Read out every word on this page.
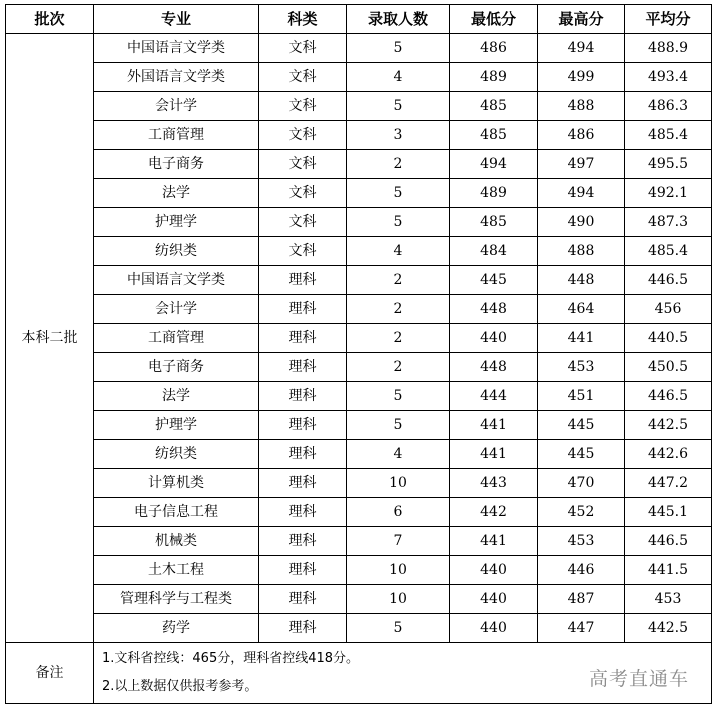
批次	专业	科类	录取人数	最低分	最高分	平均分
本科二批	中国语言文学类	文科	5	486	494	488.9
	外国语言文学类	文科	4	489	499	493.4
	会计学	文科	5	485	488	486.3
	工商管理	文科	3	485	486	485.4
	电子商务	文科	2	494	497	495.5
	法学	文科	5	489	494	492.1
	护理学	文科	5	485	490	487.3
	纺织类	文科	4	484	488	485.4
	中国语言文学类	理科	2	445	448	446.5
	会计学	理科	2	448	464	456
	工商管理	理科	2	440	441	440.5
	电子商务	理科	2	448	453	450.5
	法学	理科	5	444	451	446.5
	护理学	理科	5	441	445	442.5
	纺织类	理科	4	441	445	442.6
	计算机类	理科	10	443	470	447.2
	电子信息工程	理科	6	442	452	445.1
	机械类	理科	7	441	453	446.5
	土木工程	理科	10	440	446	441.5
	管理科学与工程类	理科	10	440	487	453
	药学	理科	5	440	447	442.5
备注	1.文科省控线：465分，理科省控线418分。
2.以上数据仅供报考参考。 高考直通车					
